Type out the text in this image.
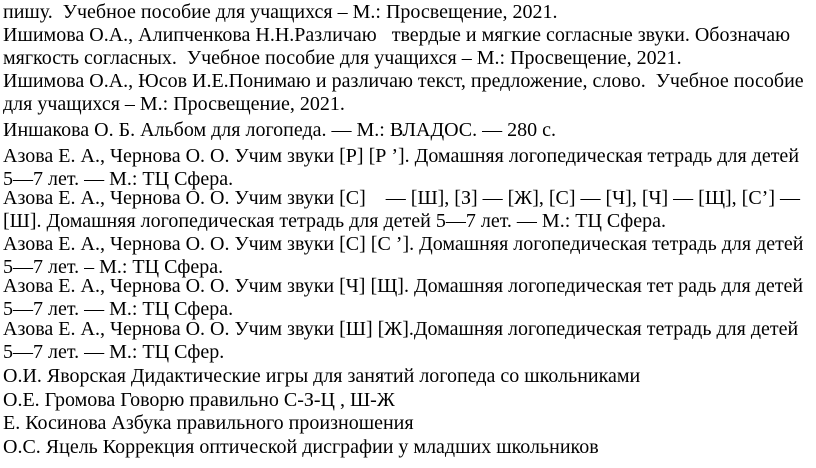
пишу.  Учебное пособие для учащихся – М.: Просвещение, 2021.
Ишимова О.А., Алипченкова Н.Н.Различаю   твердые и мягкие согласные звуки. Обозначаю
мягкость согласных.  Учебное пособие для учащихся – М.: Просвещение, 2021.
Ишимова О.А., Юсов И.Е.Понимаю и различаю текст, предложение, слово.  Учебное пособие
для учащихся – М.: Просвещение, 2021.
Иншакова О. Б. Альбом для логопеда. — М.: ВЛАДОС. — 280 с.
Азова Е. А., Чернова О. О. Учим звуки [Р] [Р ’]. Домашняя логопедическая тетрадь для детей
5—7 лет. — М.: ТЦ Сфера.
Азова Е. А., Чернова О. О. Учим звуки [С]    — [Ш], [З] — [Ж], [С] — [Ч], [Ч] — [Щ], [С’] —
[Ш]. Домашняя логопедическая тетрадь для детей 5—7 лет. — М.: ТЦ Сфера.
Азова Е. А., Чернова О. О. Учим звуки [С] [С ’]. Домашняя логопедическая тетрадь для детей
5—7 лет. – М.: ТЦ Сфера.
Азова Е. А., Чернова О. О. Учим звуки [Ч] [Щ]. Домашняя логопедическая тет радь для детей
5—7 лет. — М.: ТЦ Сфера.
Азова Е. А., Чернова О. О. Учим звуки [Ш] [Ж].Домашняя логопедическая тетрадь для детей
5—7 лет. — М.: ТЦ Сфер.
О.И. Яворская Дидактические игры для занятий логопеда со школьниками
О.Е. Громова Говорю правильно С-З-Ц , Ш-Ж
Е. Косинова Азбука правильного произношения
О.С. Яцель Коррекция оптической дисграфии у младших школьников
